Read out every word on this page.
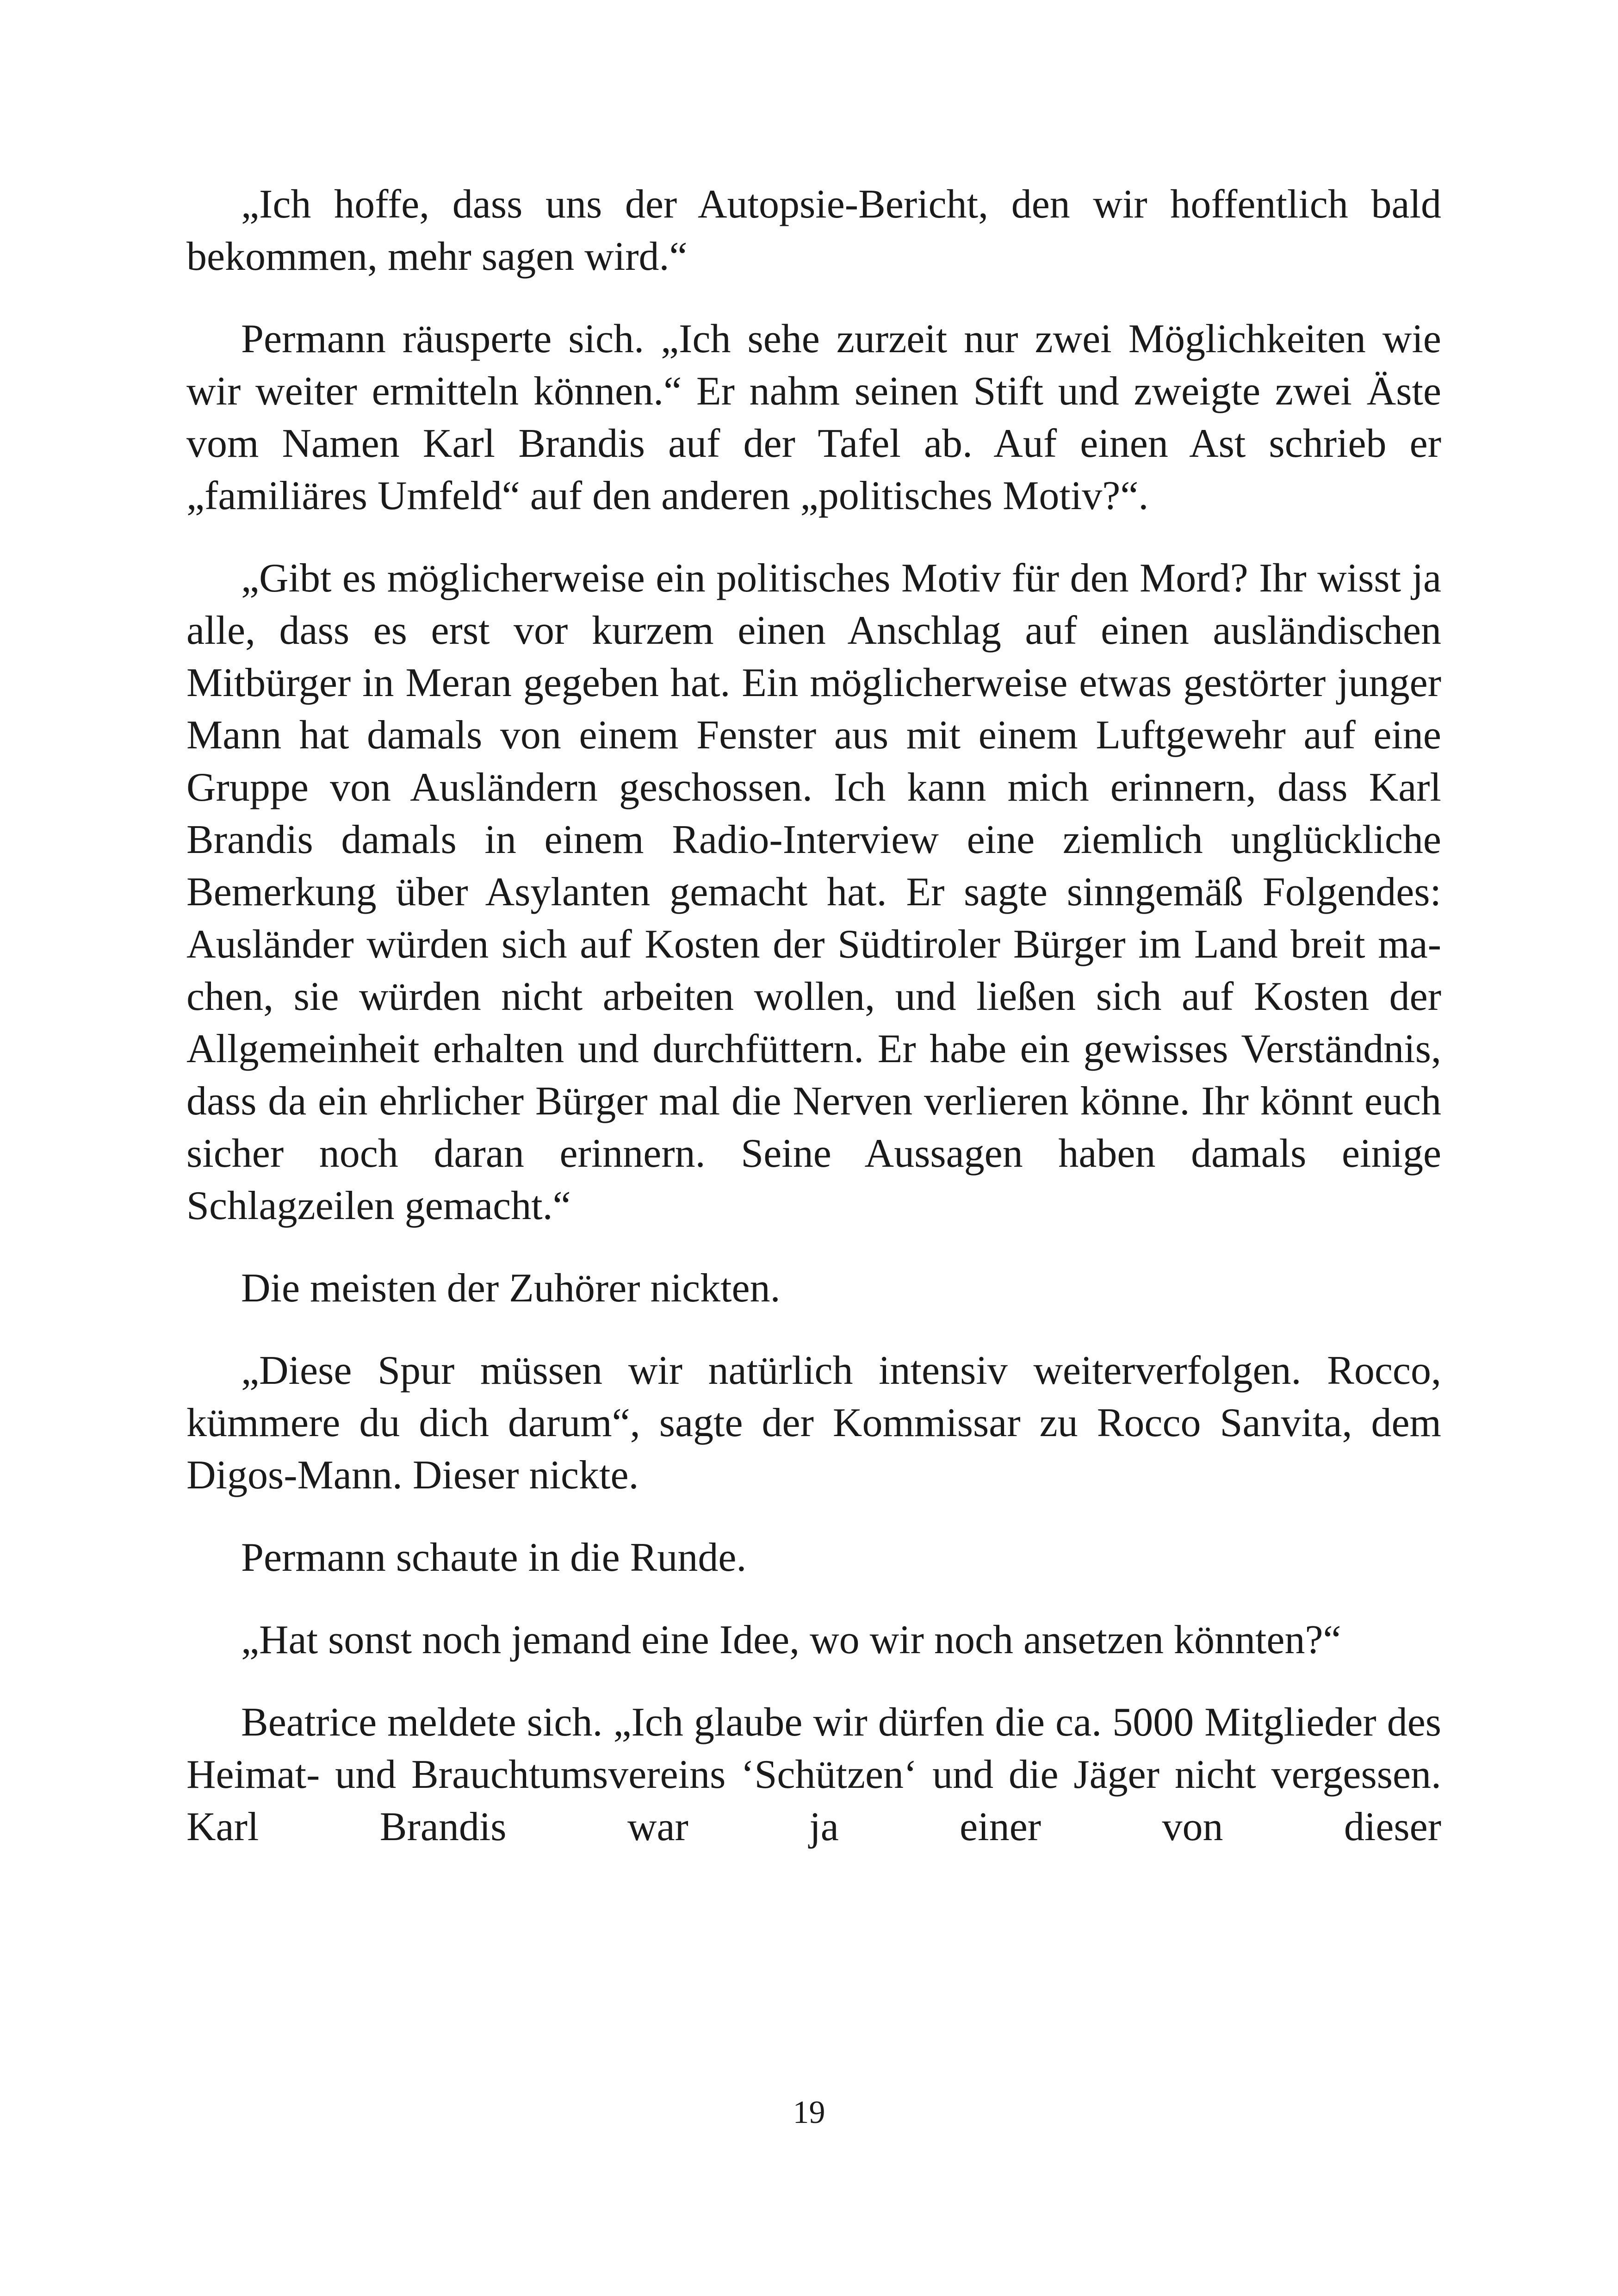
„Ich hoffe, dass uns der Autopsie-Bericht, den wir hoffentlich bald bekommen, mehr sagen wird.“

Permann räusperte sich. „Ich sehe zurzeit nur zwei Möglichkeiten wie wir weiter ermitteln können.“ Er nahm seinen Stift und zweigte zwei Äste vom Namen Karl Brandis auf der Tafel ab. Auf einen Ast schrieb er „familiäres Umfeld“ auf den anderen „politisches Motiv?“.

„Gibt es möglicherweise ein politisches Motiv für den Mord? Ihr wisst ja alle, dass es erst vor kurzem einen Anschlag auf einen ausländischen Mitbürger in Meran gegeben hat. Ein möglicherweise etwas gestörter junger Mann hat damals von einem Fenster aus mit einem Luftgewehr auf eine Gruppe von Ausländern geschossen. Ich kann mich erinnern, dass Karl Brandis damals in einem Radio-Interview eine ziemlich unglückliche Bemerkung über Asylanten gemacht hat. Er sagte sinngemäß Folgendes: Ausländer würden sich auf Kosten der Südtiroler Bürger im Land breit machen, sie würden nicht arbeiten wollen, und ließen sich auf Kosten der Allgemeinheit erhalten und durchfüttern. Er habe ein gewisses Verständnis, dass da ein ehrlicher Bürger mal die Nerven verlieren könne. Ihr könnt euch sicher noch daran erinnern. Seine Aussagen haben damals einige Schlagzeilen gemacht.“

Die meisten der Zuhörer nickten.

„Diese Spur müssen wir natürlich intensiv weiterverfolgen. Rocco, kümmere du dich darum“, sagte der Kommissar zu Rocco Sanvita, dem Digos-Mann. Dieser nickte.

Permann schaute in die Runde.

„Hat sonst noch jemand eine Idee, wo wir noch ansetzen könnten?“

Beatrice meldete sich. „Ich glaube wir dürfen die ca. 5000 Mitglieder des Heimat- und Brauchtumsvereins ‘Schützen‘ und die Jäger nicht vergessen. Karl Brandis war ja einer von dieser

19
